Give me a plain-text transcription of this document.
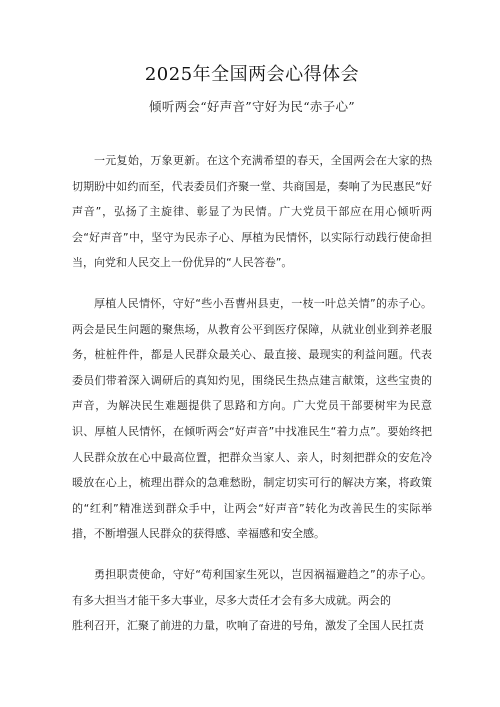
2025年全国两会心得体会
倾听两会“好声音”守好为民“赤子心”

一元复始，万象更新。在这个充满希望的春天，全国两会在大家的热切期盼中如约而至，代表委员们齐聚一堂、共商国是，奏响了为民惠民“好声音”，弘扬了主旋律、彰显了为民情。广大党员干部应在用心倾听两会“好声音”中，坚守为民赤子心、厚植为民情怀，以实际行动践行使命担当，向党和人民交上一份优异的“人民答卷”。

厚植人民情怀，守好“些小吾曹州县吏，一枝一叶总关情”的赤子心。两会是民生问题的聚焦场，从教育公平到医疗保障，从就业创业到养老服务，桩桩件件，都是人民群众最关心、最直接、最现实的利益问题。代表委员们带着深入调研后的真知灼见，围绕民生热点建言献策，这些宝贵的声音，为解决民生难题提供了思路和方向。广大党员干部要树牢为民意识、厚植人民情怀，在倾听两会“好声音”中找准民生“着力点”。要始终把人民群众放在心中最高位置，把群众当家人、亲人，时刻把群众的安危冷暖放在心上，梳理出群众的急难愁盼，制定切实可行的解决方案，将政策的“红利”精准送到群众手中，让两会“好声音”转化为改善民生的实际举措，不断增强人民群众的获得感、幸福感和安全感。

勇担职责使命，守好“苟利国家生死以，岂因祸福避趋之”的赤子心。有多大担当才能干多大事业，尽多大责任才会有多大成就。两会的

胜利召开，汇聚了前进的力量，吹响了奋进的号角，激发了全国人民扛责
